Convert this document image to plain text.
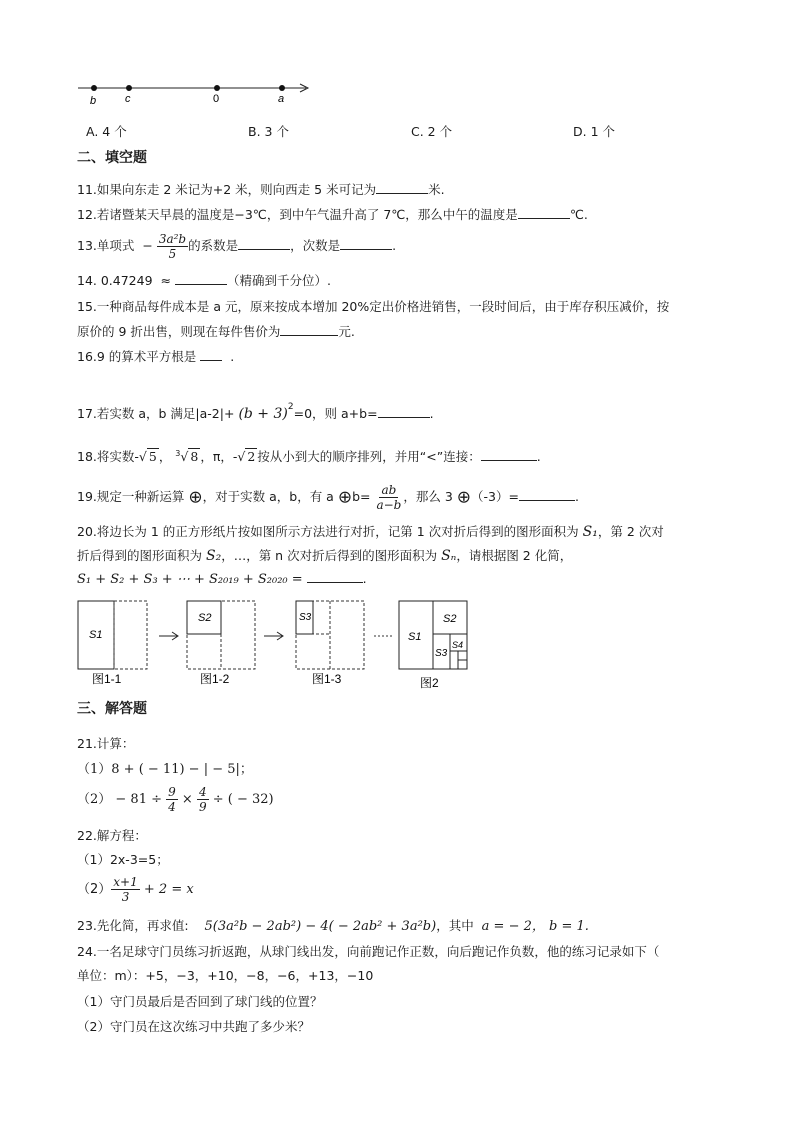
b	c	0	a
A. 4 个	B. 3 个	C. 2 个	D. 1 个
二、填空题
11.如果向东走 2 米记为+2 米，则向西走 5 米可记为	米.
12.若诸暨某天早晨的温度是−3℃，到中午气温升高了 7℃，那么中午的温度是	℃.
13.单项式  − $\frac{\text{3a²b}}{5}$ 的系数是	，次数是	.
14. 0.47249 ≈	（精确到千分位）.
15.一种商品每件成本是 a 元，原来按成本增加 20%定出价格进销售，一段时间后，由于库存积压减价，按
原价的 9 折出售，则现在每件售价为	元.
16.9 的算术平方根是	.
17.若实数 a，b 满足$|a-2|+ (b + 3)^2=0$，则 a+b=	.
18.将实数-√ 5 ， $^3$√ 8 ，π，-√ 2 按从小到大的顺序排列，并用“<”连接：	.
19.规定一种新运算 ⊕，对于实数 a，b，有 a ⊕b= $\frac{ab}{a-b}$ ，那么 3 ⊕（-3）=	.
20.将边长为 1 的正方形纸片按如图所示方法进行对折，记第 1 次对折后得到的图形面积为 S₁，第 2 次对
折后得到的图形面积为 S₂，…，第 n 次对折后得到的图形面积为 Sₙ，请根据图 2 化简，
S₁ + S₂ + S₃ + ⋯ + S₂₀₁₉ + S₂₀₂₀ =	.
S1
图1-1
S2
图1-2
S3
图1-3
S1
S2
S3
S4
图2
三、解答题
21.计算：
（1）8 + ( − 11) − | − 5|；
$(2) - 81 \div \frac{9}{4} \times \frac{4}{9}$ ÷ ( − 32)
22.解方程：
（1）2x-3=5；
$(2) \frac{x+1}{3} + 2 = x$
23.先化简，再求值: 5(3a²b − 2ab²) − 4( − 2ab² + 3a²b)，其中 a = − 2， b = 1.
24.一名足球守门员练习折返跑，从球门线出发，向前跑记作正数，向后跑记作负数，他的练习记录如下（
单位：m）：+5，−3，+10，−8，−6，+13，−10
（1）守门员最后是否回到了球门线的位置？
（2）守门员在这次练习中共跑了多少米？
